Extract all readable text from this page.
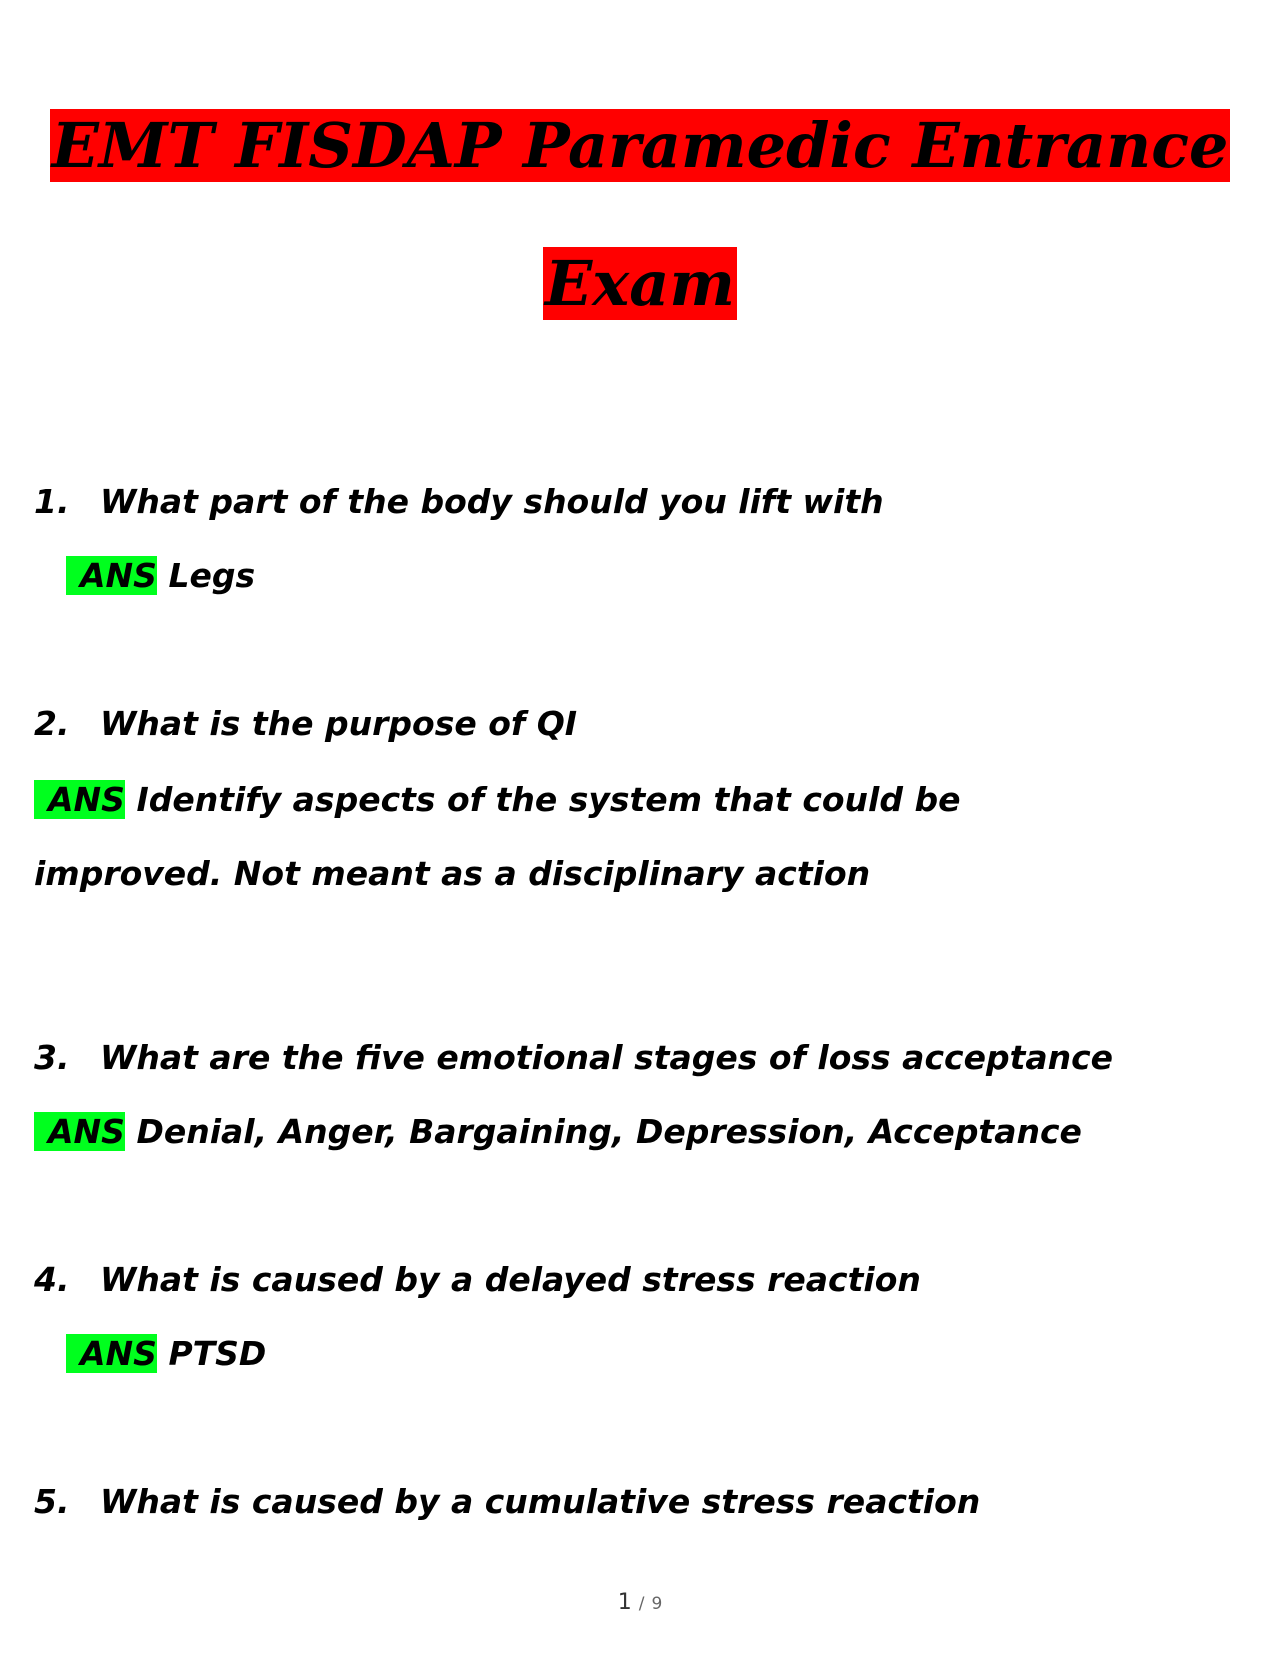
EMT FISDAP Paramedic Entrance
Exam
1. What part of the body should you lift with
ANS Legs
2. What is the purpose of QI
ANS Identify aspects of the system that could be
improved. Not meant as a disciplinary action
3. What are the five emotional stages of loss acceptance
ANS Denial, Anger, Bargaining, Depression, Acceptance
4. What is caused by a delayed stress reaction
ANS PTSD
5. What is caused by a cumulative stress reaction
1 / 9
